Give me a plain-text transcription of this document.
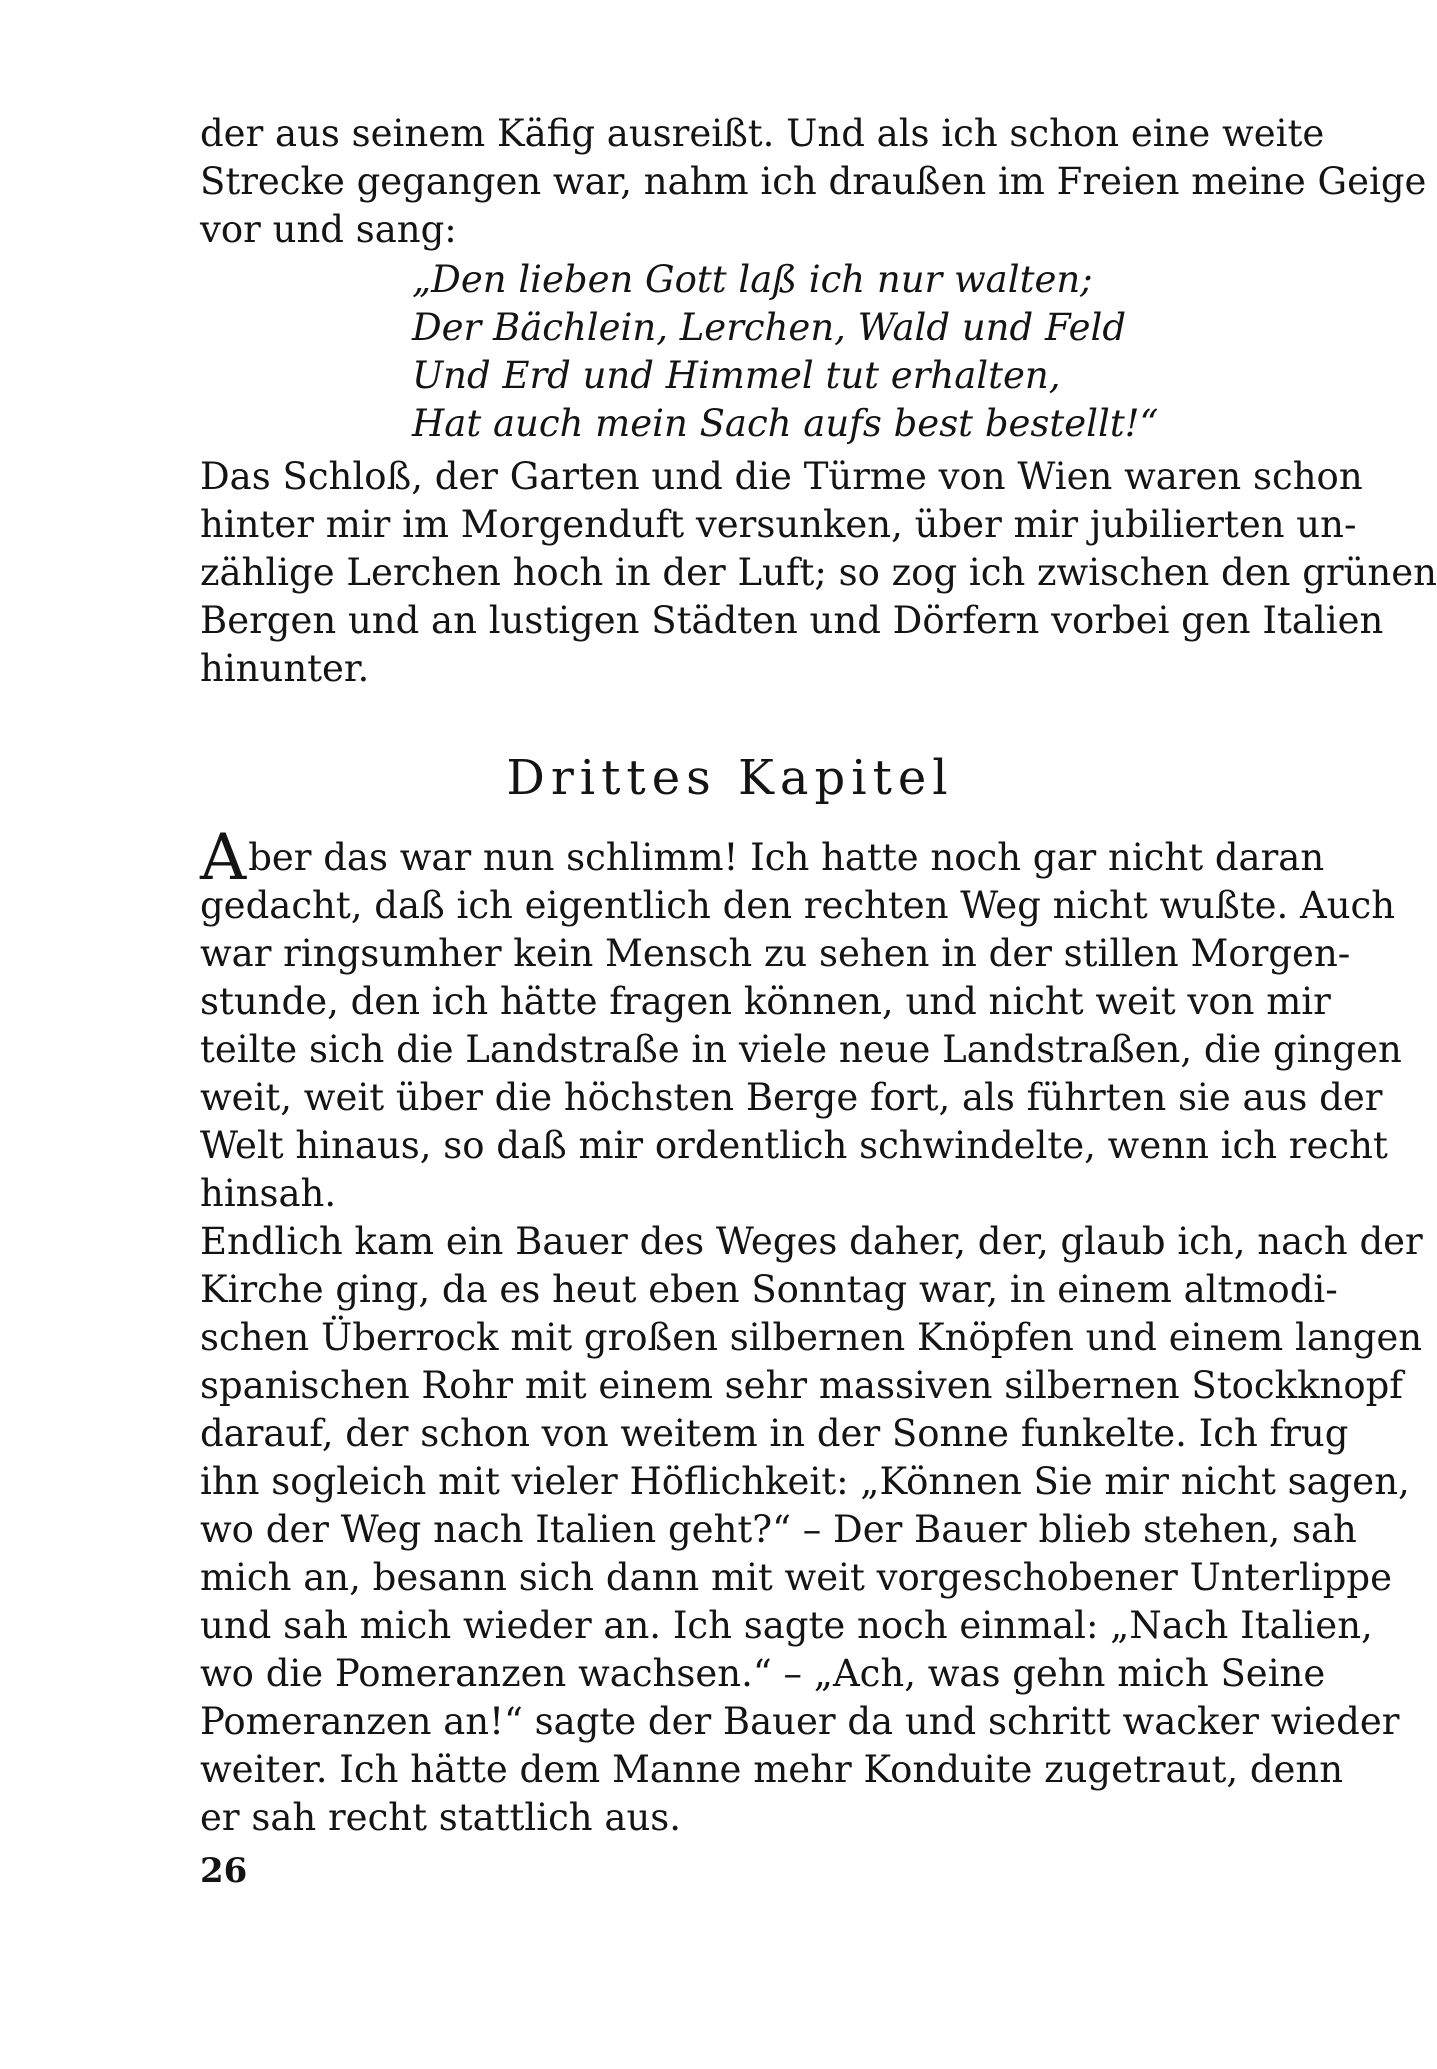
der aus seinem Käfig ausreißt. Und als ich schon eine weite
Strecke gegangen war, nahm ich draußen im Freien meine Geige
vor und sang:
„Den lieben Gott laß ich nur walten;
Der Bächlein, Lerchen, Wald und Feld
Und Erd und Himmel tut erhalten,
Hat auch mein Sach aufs best bestellt!“
Das Schloß, der Garten und die Türme von Wien waren schon
hinter mir im Morgenduft versunken, über mir jubilierten un-
zählige Lerchen hoch in der Luft; so zog ich zwischen den grünen
Bergen und an lustigen Städten und Dörfern vorbei gen Italien
hinunter.
Drittes Kapitel
Aber das war nun schlimm! Ich hatte noch gar nicht daran
gedacht, daß ich eigentlich den rechten Weg nicht wußte. Auch
war ringsumher kein Mensch zu sehen in der stillen Morgen-
stunde, den ich hätte fragen können, und nicht weit von mir
teilte sich die Landstraße in viele neue Landstraßen, die gingen
weit, weit über die höchsten Berge fort, als führten sie aus der
Welt hinaus, so daß mir ordentlich schwindelte, wenn ich recht
hinsah.
Endlich kam ein Bauer des Weges daher, der, glaub ich, nach der
Kirche ging, da es heut eben Sonntag war, in einem altmodi-
schen Überrock mit großen silbernen Knöpfen und einem langen
spanischen Rohr mit einem sehr massiven silbernen Stockknopf
darauf, der schon von weitem in der Sonne funkelte. Ich frug
ihn sogleich mit vieler Höflichkeit: „Können Sie mir nicht sagen,
wo der Weg nach Italien geht?“ – Der Bauer blieb stehen, sah
mich an, besann sich dann mit weit vorgeschobener Unterlippe
und sah mich wieder an. Ich sagte noch einmal: „Nach Italien,
wo die Pomeranzen wachsen.“ – „Ach, was gehn mich Seine
Pomeranzen an!“ sagte der Bauer da und schritt wacker wieder
weiter. Ich hätte dem Manne mehr Konduite zugetraut, denn
er sah recht stattlich aus.
26
